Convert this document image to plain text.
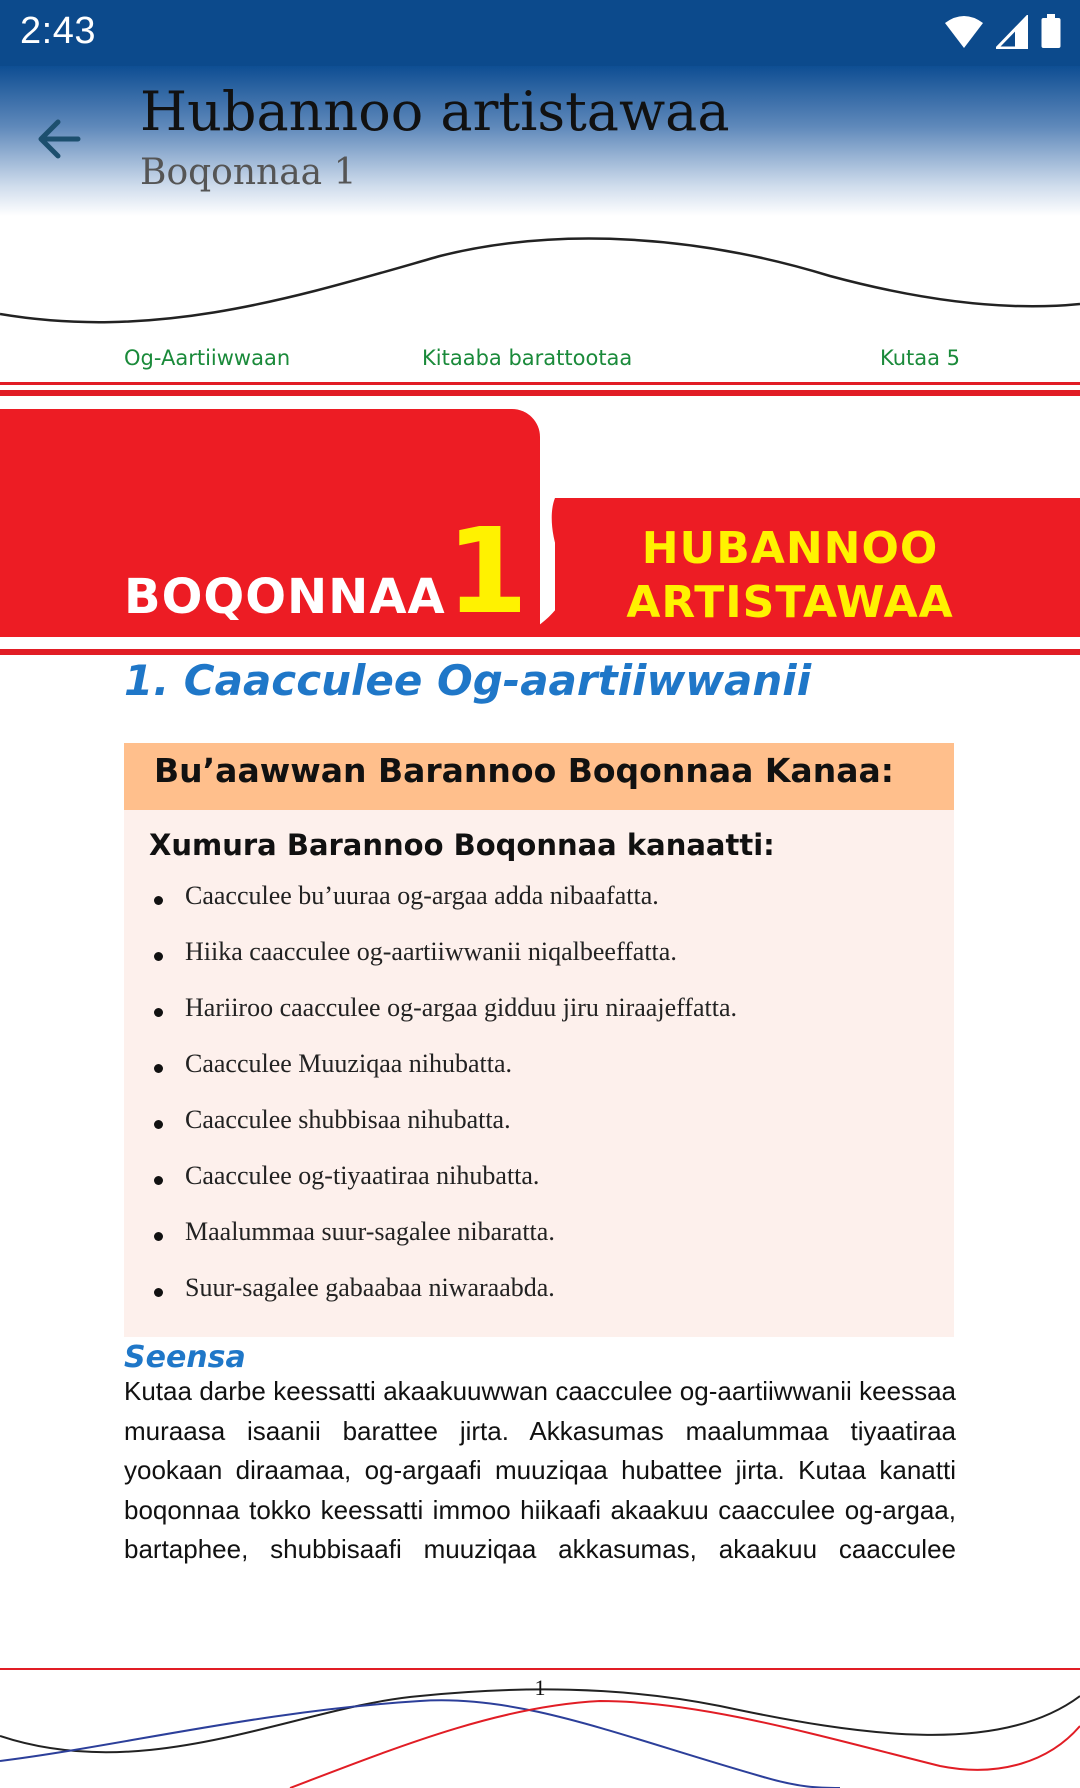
2:43
Hubannoo artistawaa
Boqonnaa 1
Og-Aartiiwwaan	Kitaaba barattootaa	Kutaa 5
BOQONNAA 1	HUBANNOO
ARTISTAWAA
1. Caacculee Og-aartiiwwanii
Bu’aawwan Barannoo Boqonnaa Kanaa:
Xumura Barannoo Boqonnaa kanaatti:
Caacculee bu’uuraa og-argaa adda nibaafatta.
Hiika caacculee og-aartiiwwanii niqalbeeffatta.
Hariiroo caacculee og-argaa gidduu jiru niraajeffatta.
Caacculee Muuziqaa nihubatta.
Caacculee shubbisaa nihubatta.
Caacculee og-tiyaatiraa nihubatta.
Maalummaa suur-sagalee nibaratta.
Suur-sagalee gabaabaa niwaraabda.
Seensa
Kutaa darbe keessatti akaakuuwwan caacculee og-aartiiwwanii keessaa
muraasa isaanii barattee jirta. Akkasumas maalummaa tiyaatiraa
yookaan diraamaa, og-argaafi muuziqaa hubattee jirta. Kutaa kanatti
boqonnaa tokko keessatti immoo hiikaafi akaakuu caacculee og-argaa,
bartaphee, shubbisaafi muuziqaa akkasumas, akaakuu caacculee
1
